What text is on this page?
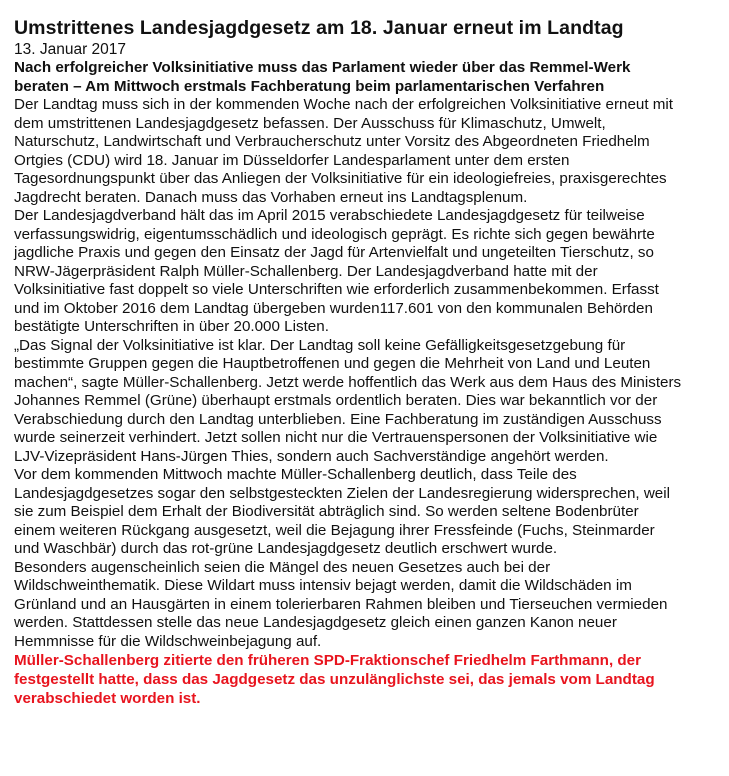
Umstrittenes Landesjagdgesetz am 18. Januar erneut im Landtag

13. Januar 2017

Nach erfolgreicher Volksinitiative muss das Parlament wieder über das Remmel-Werk beraten – Am Mittwoch erstmals Fachberatung beim parlamentarischen Verfahren

Der Landtag muss sich in der kommenden Woche nach der erfolgreichen Volksinitiative erneut mit dem umstrittenen Landesjagdgesetz befassen. Der Ausschuss für Klimaschutz, Umwelt, Naturschutz, Landwirtschaft und Verbraucherschutz unter Vorsitz des Abgeordneten Friedhelm Ortgies (CDU) wird 18. Januar im Düsseldorfer Landesparlament unter dem ersten Tagesordnungspunkt über das Anliegen der Volksinitiative für ein ideologiefreies, praxisgerechtes Jagdrecht beraten. Danach muss das Vorhaben erneut ins Landtagsplenum.

Der Landesjagdverband hält das im April 2015 verabschiedete Landesjagdgesetz für teilweise verfassungswidrig, eigentumsschädlich und ideologisch geprägt. Es richte sich gegen bewährte jagdliche Praxis und gegen den Einsatz der Jagd für Artenvielfalt und ungeteilten Tierschutz, so NRW-Jägerpräsident Ralph Müller-Schallenberg. Der Landesjagdverband hatte mit der Volksinitiative fast doppelt so viele Unterschriften wie erforderlich zusammenbekommen. Erfasst und im Oktober 2016 dem Landtag übergeben wurden117.601 von den kommunalen Behörden bestätigte Unterschriften in über 20.000 Listen.

„Das Signal der Volksinitiative ist klar. Der Landtag soll keine Gefälligkeitsgesetzgebung für bestimmte Gruppen gegen die Hauptbetroffenen und gegen die Mehrheit von Land und Leuten machen“, sagte Müller-Schallenberg. Jetzt werde hoffentlich das Werk aus dem Haus des Ministers Johannes Remmel (Grüne) überhaupt erstmals ordentlich beraten. Dies war bekanntlich vor der Verabschiedung durch den Landtag unterblieben. Eine Fachberatung im zuständigen Ausschuss wurde seinerzeit verhindert. Jetzt sollen nicht nur die Vertrauenspersonen der Volksinitiative wie LJV-Vizepräsident Hans-Jürgen Thies, sondern auch Sachverständige angehört werden.

Vor dem kommenden Mittwoch machte Müller-Schallenberg deutlich, dass Teile des Landesjagdgesetzes sogar den selbstgesteckten Zielen der Landesregierung widersprechen, weil sie zum Beispiel dem Erhalt der Biodiversität abträglich sind. So werden seltene Bodenbrüter einem weiteren Rückgang ausgesetzt, weil die Bejagung ihrer Fressfeinde (Fuchs, Steinmarder und Waschbär) durch das rot-grüne Landesjagdgesetz deutlich erschwert wurde.

Besonders augenscheinlich seien die Mängel des neuen Gesetzes auch bei der Wildschweinthematik. Diese Wildart muss intensiv bejagt werden, damit die Wildschäden im Grünland und an Hausgärten in einem tolerierbaren Rahmen bleiben und Tierseuchen vermieden werden. Stattdessen stelle das neue Landesjagdgesetz gleich einen ganzen Kanon neuer Hemmnisse für die Wildschweinbejagung auf.

Müller-Schallenberg zitierte den früheren SPD-Fraktionschef Friedhelm Farthmann, der festgestellt hatte, dass das Jagdgesetz das unzulänglichste sei, das jemals vom Landtag verabschiedet worden ist.
